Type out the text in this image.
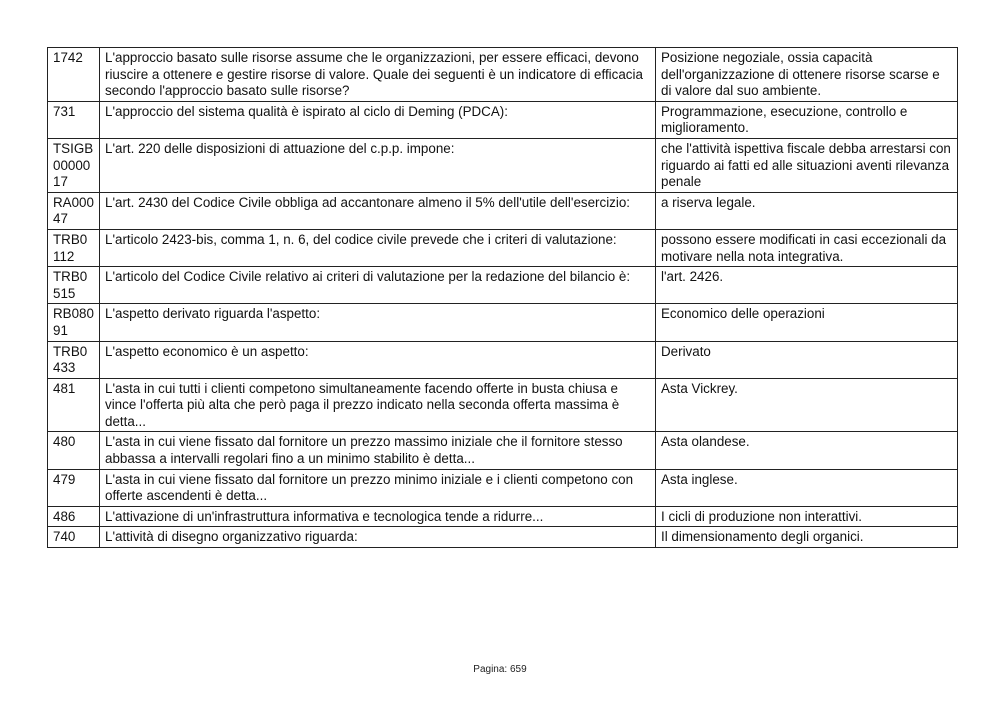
1742	L'approccio basato sulle risorse assume che le organizzazioni, per essere efficaci, devono riuscire a ottenere e gestire risorse di valore. Quale dei seguenti è un indicatore di efficacia secondo l'approccio basato sulle risorse?	Posizione negoziale, ossia capacità dell'organizzazione di ottenere risorse scarse e di valore dal suo ambiente.
731	L'approccio del sistema qualità è ispirato al ciclo di Deming (PDCA):	Programmazione, esecuzione, controllo e miglioramento.
TSIGB0000017	L'art. 220 delle disposizioni di attuazione del c.p.p. impone:	che l'attività ispettiva fiscale debba arrestarsi con riguardo ai fatti ed alle situazioni aventi rilevanza penale
RA00047	L'art. 2430 del Codice Civile obbliga ad accantonare almeno il 5% dell'utile dell'esercizio:	a riserva legale.
TRB0112	L'articolo 2423-bis, comma 1, n. 6, del codice civile prevede che i criteri di valutazione:	possono essere modificati in casi eccezionali da motivare nella nota integrativa.
TRB0515	L'articolo del Codice Civile relativo ai criteri di valutazione per la redazione del bilancio è:	l'art. 2426.
RB08091	L'aspetto derivato riguarda l'aspetto:	Economico delle operazioni
TRB0433	L'aspetto economico è un aspetto:	Derivato
481	L'asta in cui tutti i clienti competono simultaneamente facendo offerte in busta chiusa e vince l'offerta più alta che però paga il prezzo indicato nella seconda offerta massima è detta...	Asta Vickrey.
480	L'asta in cui viene fissato dal fornitore un prezzo massimo iniziale che il fornitore stesso abbassa a intervalli regolari fino a un minimo stabilito è detta...	Asta olandese.
479	L'asta in cui viene fissato dal fornitore un prezzo minimo iniziale e i clienti competono con offerte ascendenti è detta...	Asta inglese.
486	L'attivazione di un'infrastruttura informativa e tecnologica tende a ridurre...	I cicli di produzione non interattivi.
740	L'attività di disegno organizzativo riguarda:	Il dimensionamento degli organici.
Pagina: 659
